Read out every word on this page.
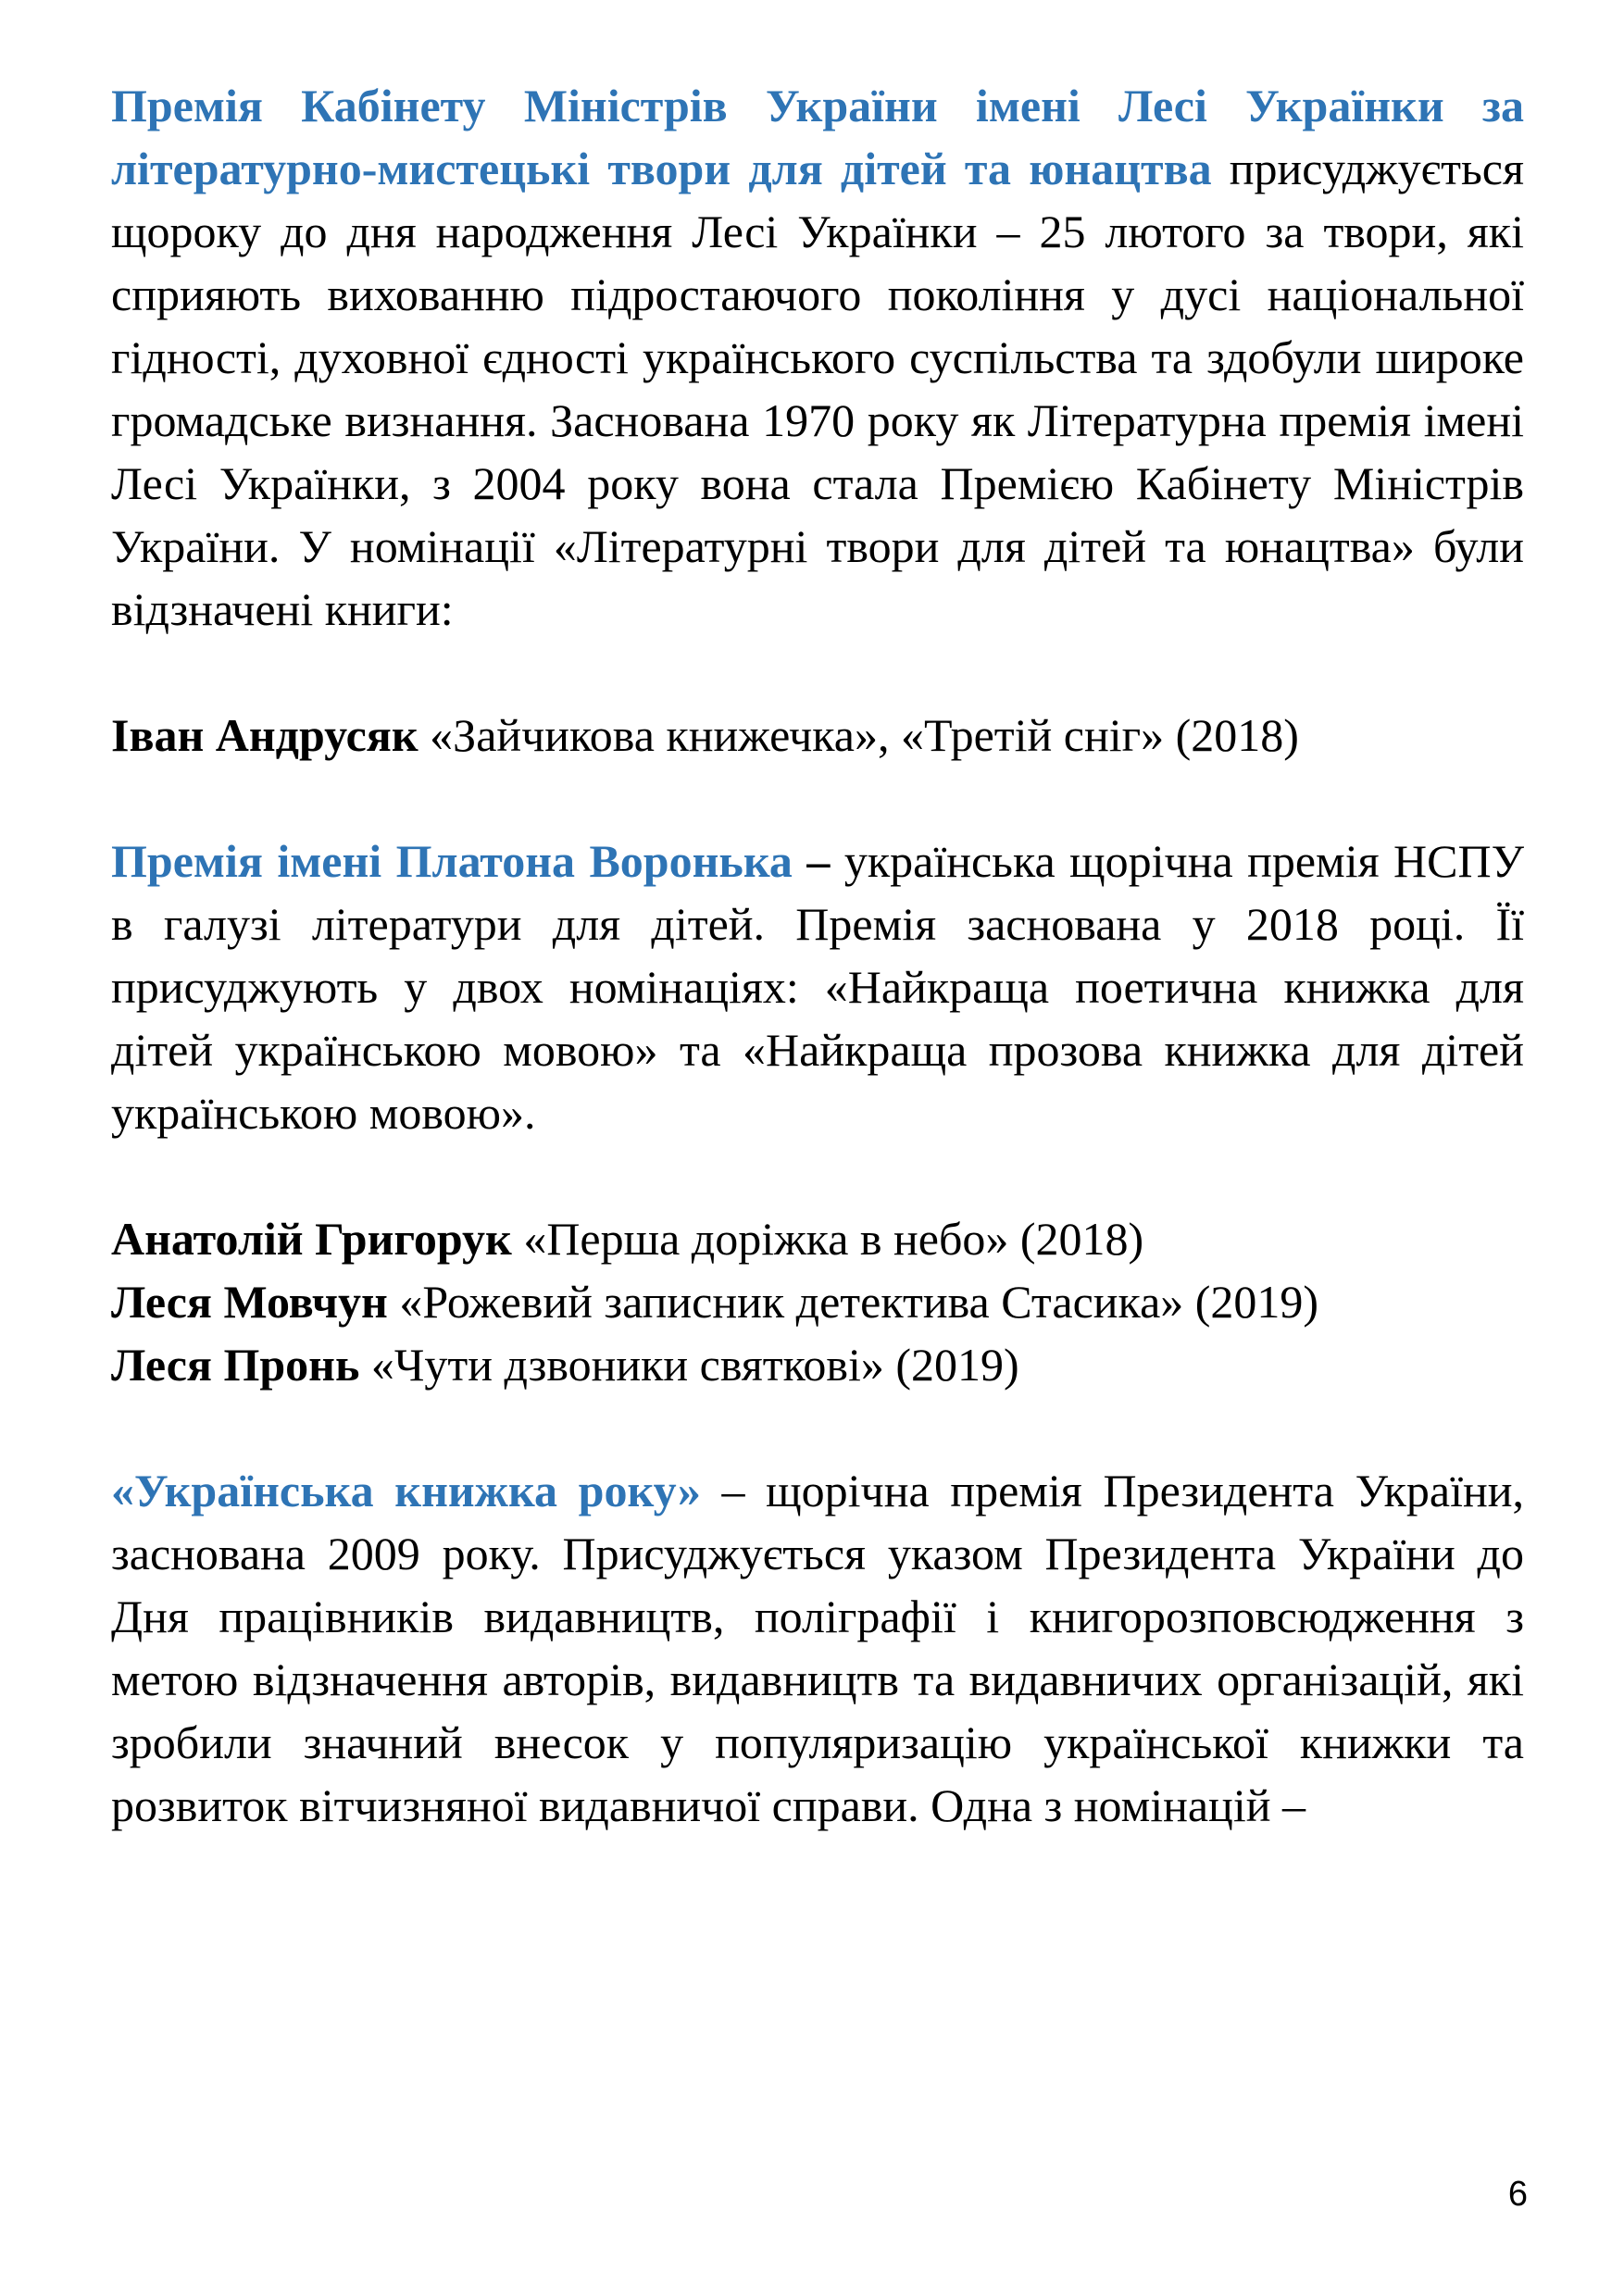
Премія Кабінету Міністрів України імені Лесі Українки за літературно-мистецькі твори для дітей та юнацтва присуджується щороку до дня народження Лесі Українки – 25 лютого за твори, які сприяють вихованню підростаючого покоління у дусі національної гідності, духовної єдності українського суспільства та здобули широке громадське визнання. Заснована 1970 року як Літературна премія імені Лесі Українки, з 2004 року вона стала Премією Кабінету Міністрів України. У номінації «Літературні твори для дітей та юнацтва» були відзначені книги:

Іван Андрусяк «Зайчикова книжечка», «Третій сніг» (2018)

Премія імені Платона Воронька – українська щорічна премія НСПУ в галузі літератури для дітей. Премія заснована у 2018 році. Її присуджують у двох номінаціях: «Найкраща поетична книжка для дітей українською мовою» та «Найкраща прозова книжка для дітей українською мовою».

Анатолій Григорук «Перша доріжка в небо» (2018)

Леся Мовчун «Рожевий записник детектива Стасика» (2019)

Леся Пронь «Чути дзвоники святкові» (2019)

«Українська книжка року» – щорічна премія Президента України, заснована 2009 року. Присуджується указом Президента України до Дня працівників видавництв, поліграфії і книгорозповсюдження з метою відзначення авторів, видавництв та видавничих організацій, які зробили значний внесок у популяризацію української книжки та розвиток вітчизняної видавничої справи. Одна з номінацій –

6
